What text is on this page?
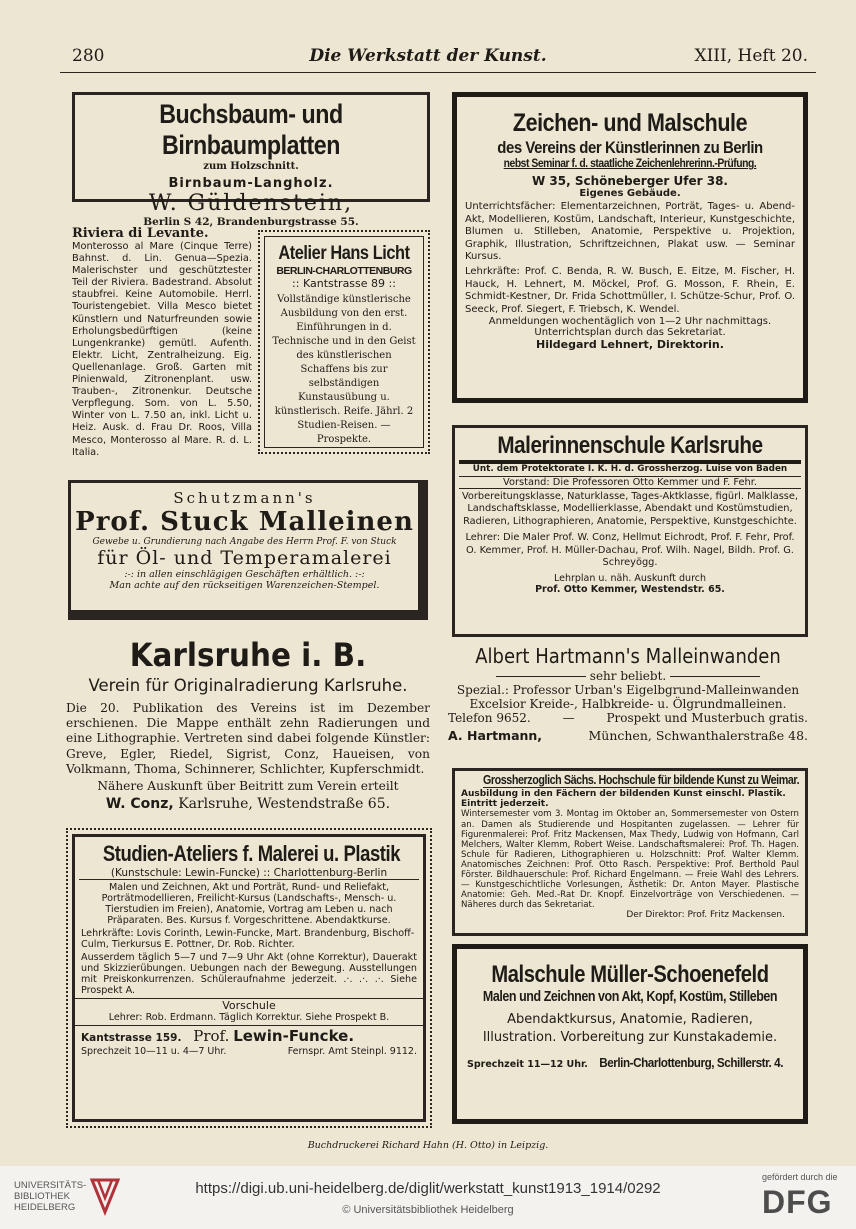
280	Die Werkstatt der Kunst.	XIII, Heft 20.
Buchsbaum- und Birnbaumplatten
zum Holzschnitt.
Birnbaum-Langholz.
W. Güldenstein,
Berlin S 42, Brandenburgstrasse 55.
Zeichen- und Malschule
des Vereins der Künstlerinnen zu Berlin
nebst Seminar f. d. staatliche Zeichenlehrerinn.-Prüfung.
W 35, Schöneberger Ufer 38.
Eigenes Gebäude.
Unterrichtsfächer: Elementarzeichnen, Porträt, Tages- u. Abend-Akt, Modellieren, Kostüm, Landschaft, Interieur, Kunstgeschichte, Blumen u. Stilleben, Anatomie, Perspektive u. Projektion, Graphik, Illustration, Schriftzeichnen, Plakat usw. — Seminar Kursus.
Lehrkräfte: Prof. C. Benda, R. W. Busch, E. Eitze, M. Fischer, H. Hauck, H. Lehnert, M. Möckel, Prof. G. Mosson, F. Rhein, E. Schmidt-Kestner, Dr. Frida Schottmüller, I. Schütze-Schur, Prof. O. Seeck, Prof. Siegert, F. Triebsch, K. Wendel.
Anmeldungen wochentäglich von 1—2 Uhr nachmittags.
Unterrichtsplan durch das Sekretariat.
Hildegard Lehnert, Direktorin.
Riviera di Levante.
Monterosso al Mare (Cinque Terre) Bahnst. d. Lin. Genua—Spezia. Malerischster und geschütztester Teil der Riviera. Badestrand. Absolut staubfrei. Keine Automobile. Herrl. Touristengebiet. Villa Mesco bietet Künstlern und Naturfreunden sowie Erholungsbedürftigen (keine Lungenkranke) gemütl. Aufenth. Elektr. Licht, Zentralheizung. Eig. Quellenanlage. Groß. Garten mit Pinienwald, Zitronenplant. usw. Trauben-, Zitronenkur. Deutsche Verpflegung. Som. von L. 5.50, Winter von L. 7.50 an, inkl. Licht u. Heiz. Ausk. d. Frau Dr. Roos, Villa Mesco, Monterosso al Mare. R. d. L. Italia.
Atelier Hans Licht
BERLIN-CHARLOTTENBURG
:: Kantstrasse 89 ::
Vollständige künstlerische Ausbildung von den erst. Einführungen in d. Technische und in den Geist des künstlerischen Schaffens bis zur selbständigen Kunstausübung u. künstlerisch. Reife. Jährl. 2 Studien-Reisen. — Prospekte.	Malerinnenschule Karlsruhe
Unt. dem Protektorate I. K. H. d. Grossherzog. Luise von Baden
Vorstand: Die Professoren Otto Kemmer und F. Fehr.
Vorbereitungsklasse, Naturklasse, Tages-Aktklasse, figürl. Malklasse, Landschaftsklasse, Modellierklasse, Abendakt und Kostümstudien, Radieren, Lithographieren, Anatomie, Perspektive, Kunstgeschichte.
Lehrer: Die Maler Prof. W. Conz, Hellmut Eichrodt, Prof. F. Fehr, Prof. O. Kemmer, Prof. H. Müller-Dachau, Prof. Wilh. Nagel, Bildh. Prof. G. Schreyögg.
Lehrplan u. näh. Auskunft durch
Prof. Otto Kemmer, Westendstr. 65.
Schutzmann's
Prof. Stuck Malleinen
Gewebe u. Grundierung nach Angabe des Herrn Prof. F. von Stuck
für Öl- und Temperamalerei
:-: in allen einschlägigen Geschäften erhältlich. :-:
Man achte auf den rückseitigen Warenzeichen-Stempel.
Karlsruhe i. B.
Verein für Originalradierung Karlsruhe.
Die 20. Publikation des Vereins ist im Dezember erschienen. Die Mappe enthält zehn Radierungen und eine Lithographie. Vertreten sind dabei folgende Künstler: Greve, Egler, Riedel, Sigrist, Conz, Haueisen, von Volkmann, Thoma, Schinnerer, Schlichter, Kupferschmidt.
Nähere Auskunft über Beitritt zum Verein erteilt
W. Conz, Karlsruhe, Westendstraße 65.
Albert Hartmann's Malleinwanden
sehr beliebt.
Spezial.: Professor Urban's Eigelbgrund-Malleinwanden
Excelsior Kreide-, Halbkreide- u. Ölgrundmalleinen.
Telefon 9652.	—	Prospekt und Musterbuch gratis.
A. Hartmann,	München, Schwanthalerstraße 48.
Grossherzoglich Sächs. Hochschule für bildende Kunst zu Weimar.
Ausbildung in den Fächern der bildenden Kunst einschl. Plastik. Eintritt jederzeit.
Wintersemester vom 3. Montag im Oktober an, Sommersemester von Ostern an. Damen als Studierende und Hospitanten zugelassen. — Lehrer für Figurenmalerei: Prof. Fritz Mackensen, Max Thedy, Ludwig von Hofmann, Carl Melchers, Walter Klemm, Robert Weise. Landschaftsmalerei: Prof. Th. Hagen. Schule für Radieren, Lithographieren u. Holzschnitt: Prof. Walter Klemm. Anatomisches Zeichnen: Prof. Otto Rasch. Perspektive: Prof. Berthold Paul Förster. Bildhauerschule: Prof. Richard Engelmann. — Freie Wahl des Lehrers. — Kunstgeschichtliche Vorlesungen, Ästhetik: Dr. Anton Mayer. Plastische Anatomie: Geh. Med.-Rat Dr. Knopf. Einzelvorträge von Verschiedenen. — Näheres durch das Sekretariat.
Der Direktor: Prof. Fritz Mackensen.
Studien-Ateliers f. Malerei u. Plastik
(Kunstschule: Lewin-Funcke) :: Charlottenburg-Berlin
Malen und Zeichnen, Akt und Porträt, Rund- und Reliefakt, Porträtmodellieren, Freilicht-Kursus (Landschafts-, Mensch- u. Tierstudien im Freien), Anatomie, Vortrag am Leben u. nach Präparaten. Bes. Kursus f. Vorgeschrittene. Abendaktkurse.
Lehrkräfte: Lovis Corinth, Lewin-Funcke, Mart. Brandenburg, Bischoff-Culm, Tierkursus E. Pottner, Dr. Rob. Richter.
Ausserdem täglich 5—7 und 7—9 Uhr Akt (ohne Korrektur), Dauerakt und Skizzierübungen. Uebungen nach der Bewegung. Ausstellungen mit Preiskonkurrenzen. Schüleraufnahme jederzeit. .·. .·. .·. Siehe Prospekt A.
Vorschule
Lehrer: Rob. Erdmann. Täglich Korrektur. Siehe Prospekt B.
Kantstrasse 159. Prof. Lewin-Funcke.
Sprechzeit 10—11 u. 4—7 Uhr.	Fernspr. Amt Steinpl. 9112.
Malschule Müller-Schoenefeld
Malen und Zeichnen von Akt, Kopf, Kostüm, Stilleben
Abendaktkursus, Anatomie, Radieren, Illustration. Vorbereitung zur Kunstakademie.
Sprechzeit 11—12 Uhr. Berlin-Charlottenburg, Schillerstr. 4.
Buchdruckerei Richard Hahn (H. Otto) in Leipzig.
UNIVERSITÄTS-
BIBLIOTHEK
HEIDELBERG
https://digi.ub.uni-heidelberg.de/diglit/werkstatt_kunst1913_1914/0292
© Universitätsbibliothek Heidelberg
gefördert durch die
DFG
